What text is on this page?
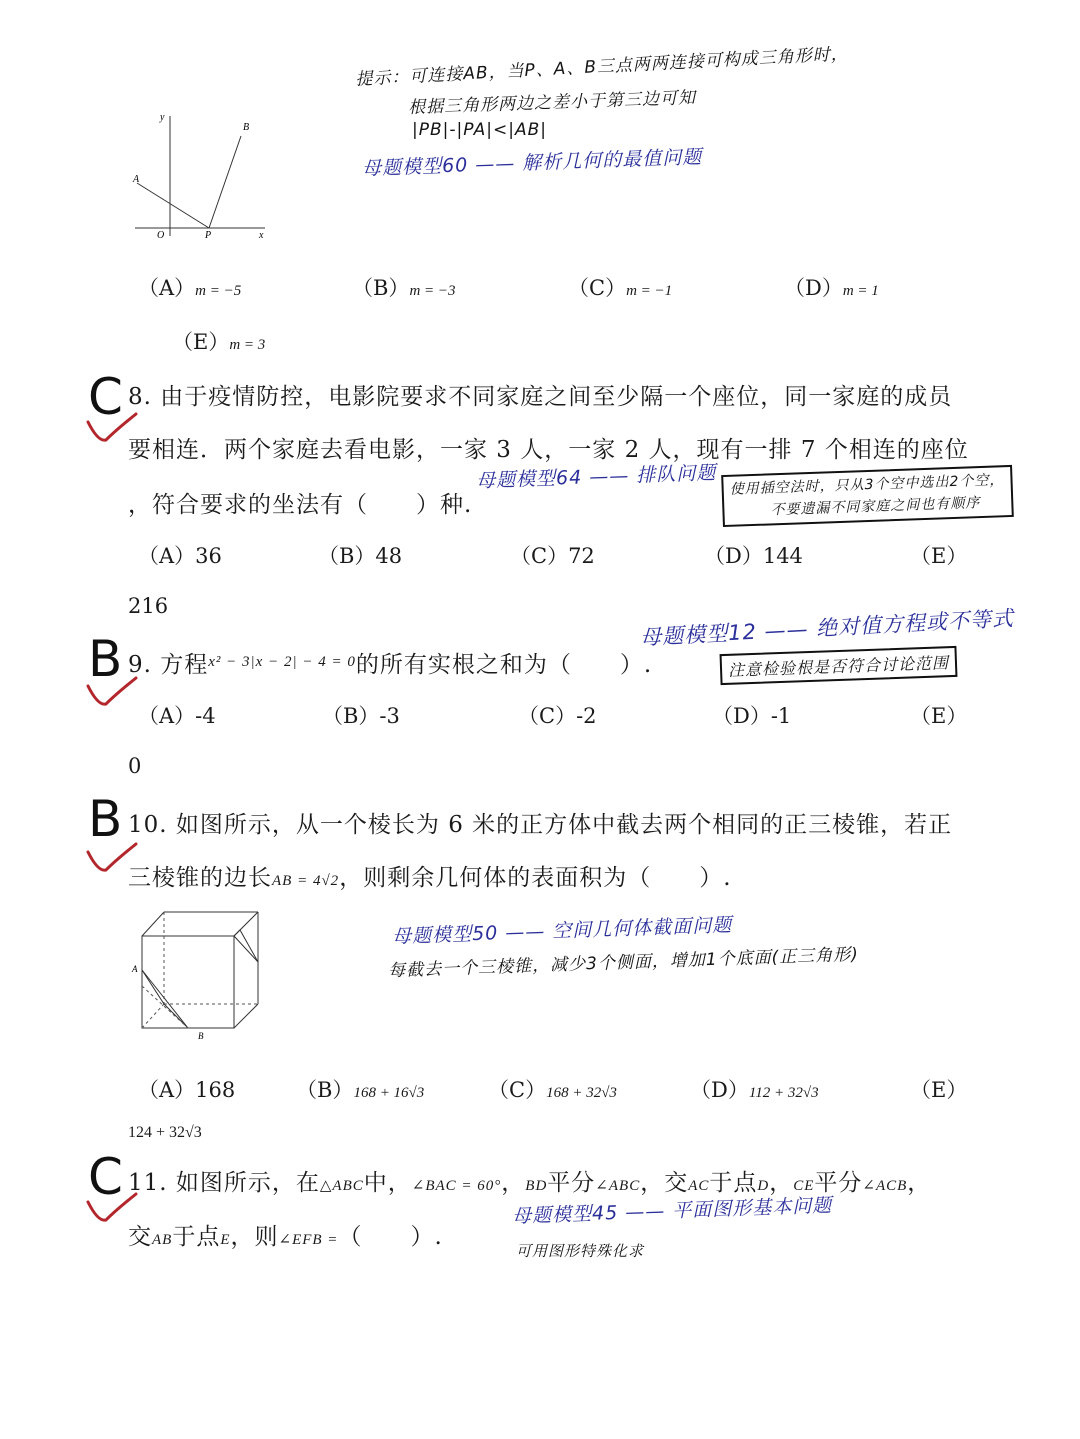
y
x
A
B
O	P
提示：可连接AB，当P、A、B三点两两连接可构成三角形时，
根据三角形两边之差小于第三边可知
|PB|-|PA|<|AB|
母题模型60 —— 解析几何的最值问题
（A）m = −5	（B）m = −3	（C）m = −1	（D）m = 1
（E）m = 3
C 8. 由于疫情防控，电影院要求不同家庭之间至少隔一个座位，同一家庭的成员
要相连．两个家庭去看电影，一家 3 人，一家 2 人，现有一排 7 个相连的座位
，符合要求的坐法有（　　）种.
母题模型64 —— 排队问题 使用插空法时，只从3个空中选出2个空，
不要遗漏不同家庭之间也有顺序
（A）36	（B）48	（C）72	（D）144	（E）
216
B 9. 方程$^{x^2 - 3|x - 2| - 4 = 0}$的所有实根之和为（　　）.
母题模型12 —— 绝对值方程或不等式
注意检验根是否符合讨论范围
（A）-4	（B）-3	（C）-2	（D）-1	（E）
0
B 10. 如图所示，从一个棱长为 6 米的正方体中截去两个相同的正三棱锥，若正
三棱锥的边长AB = 4√2，则剩余几何体的表面积为（　　）.
A
B
母题模型50 —— 空间几何体截面问题
每截去一个三棱锥，减少3个侧面，增加1个底面(正三角形)
（A）168	（B）168 + 16√3	（C）168 + 32√3	（D）112 + 32√3	（E）
124 + 32√3
C 11. 如图所示，在△ABC中，∠BAC = 60°，BD平分∠ABC，交AC于点D，CE平分∠ACB，
交AB于点E，则∠EFB =（　　）.
母题模型45 —— 平面图形基本问题
可用图形特殊化求
